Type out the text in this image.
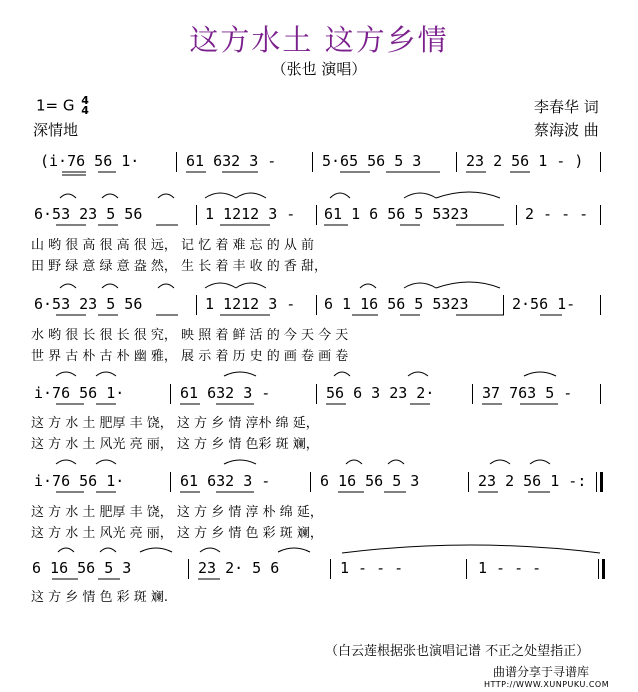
这方水土 这方乡情
（张也 演唱）
1= G 4
4
深情地
李春华 词
蔡海波 曲
(i·76 56 1·	61 632 3 -	5·65 56 5 3	23 2 56 1 - )
6·53 23 5 56	1 1212 3 - 61 1 6 56 5 5323	2 - - -
山 哟 很 高 很 高 很 远， 记 忆 着 难 忘 的 从 前
田 野 绿 意 绿 意 盎 然， 生 长 着 丰 收 的 香 甜，
6·53 23 5 56	1 1212 3 - 6 1 16 56 5 5323	2·56 1-
水 哟 很 长 很 长 很 究， 映 照 着 鲜 活 的 今 天 今 天
世 界 古 朴 古 朴 幽 雅， 展 示 着 历 史 的 画 卷 画 卷
i·76 56 1·	61 632 3 -	56 6 3 23 2·	37 763 5 -
这 方 水 土 肥厚 丰 饶， 这 方 乡 情 淳朴 绵 延，
这 方 水 土 风光 亮 丽， 这 方 乡 情 色彩 斑 斓，
i·76 56 1·	61 632 3 -	6 16 56 5 3	23 2 56 1 -:
这 方 水 土 肥厚 丰 饶， 这 方 乡 情 淳 朴 绵 延，
这 方 水 土 风光 亮 丽， 这 方 乡 情 色 彩 斑 斓，
6 16 56 5 3	23 2· 5 6	1 - - -	1 - - -
这 方 乡 情 色 彩 斑 斓.
（白云莲根据张也演唱记谱 不正之处望指正）
曲谱分享于寻谱库
HTTP://WWW.XUNPUKU.COM
